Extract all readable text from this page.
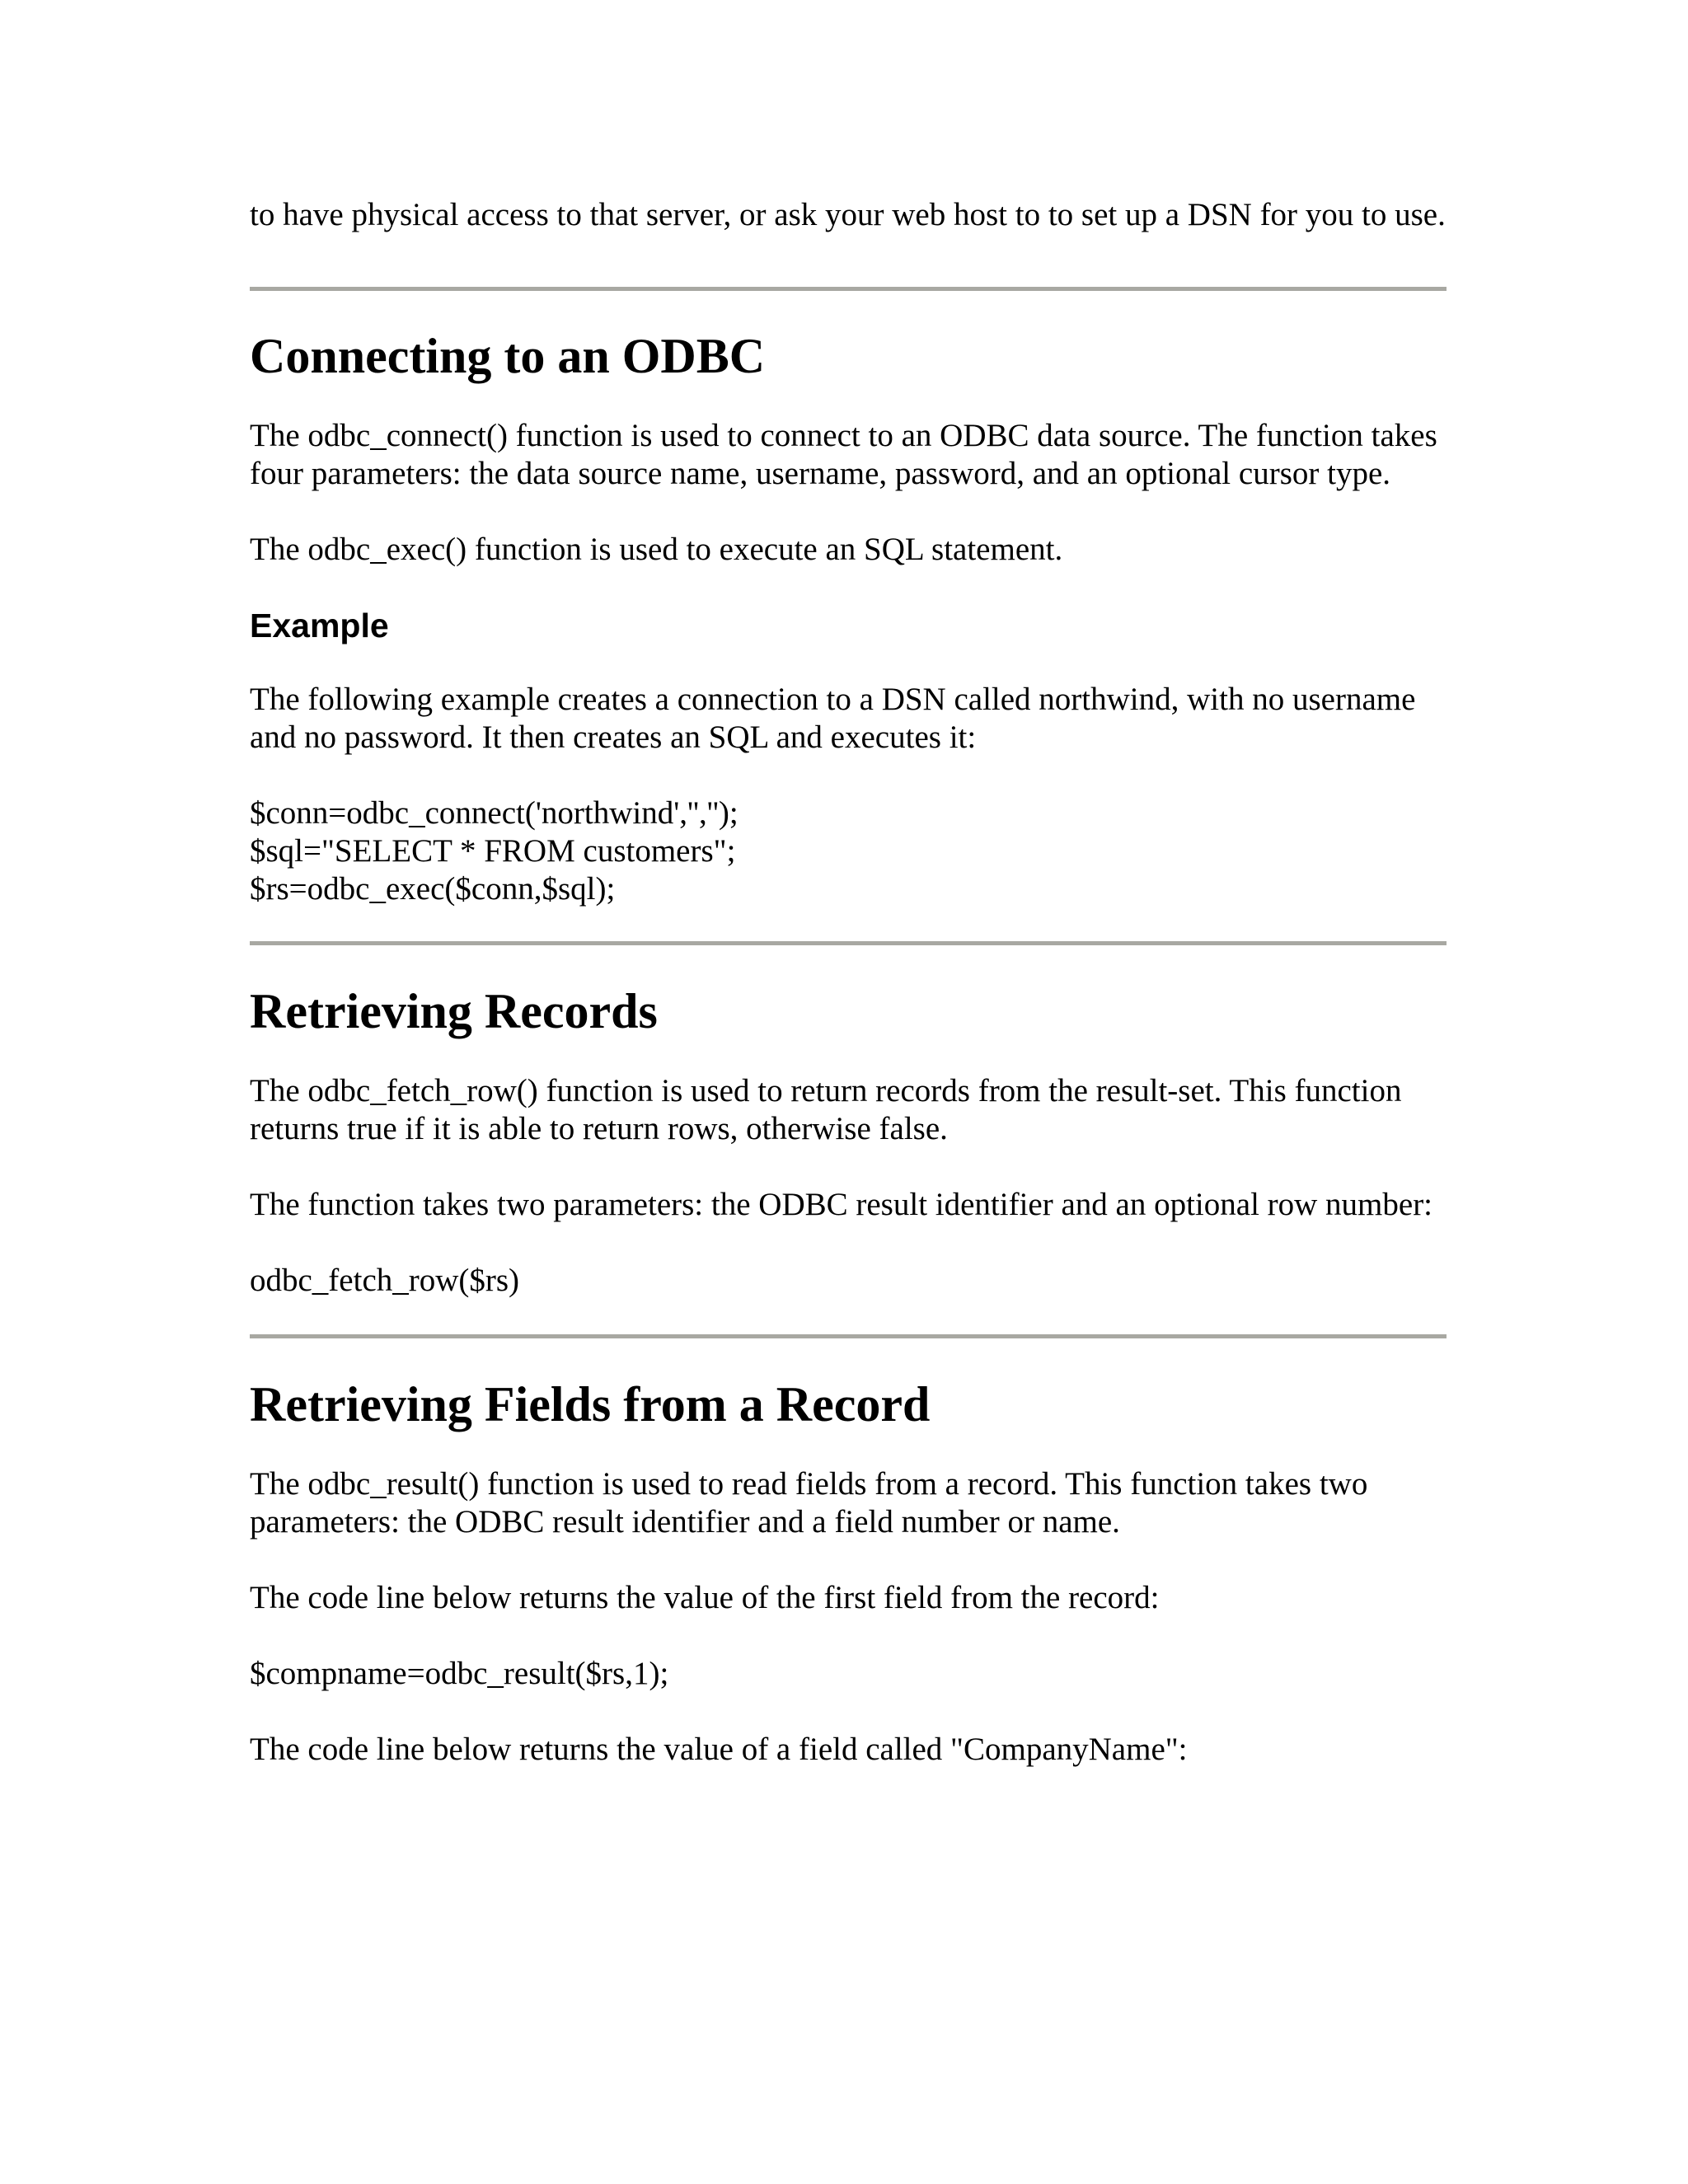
to have physical access to that server, or ask your web host to to set up a DSN for you to use.

Connecting to an ODBC

The odbc_connect() function is used to connect to an ODBC data source. The function takes four parameters: the data source name, username, password, and an optional cursor type.

The odbc_exec() function is used to execute an SQL statement.

Example

The following example creates a connection to a DSN called northwind, with no username and no password. It then creates an SQL and executes it:

$conn=odbc_connect('northwind','','');
$sql="SELECT * FROM customers";
$rs=odbc_exec($conn,$sql);

Retrieving Records

The odbc_fetch_row() function is used to return records from the result-set. This function returns true if it is able to return rows, otherwise false.

The function takes two parameters: the ODBC result identifier and an optional row number:

odbc_fetch_row($rs)

Retrieving Fields from a Record

The odbc_result() function is used to read fields from a record. This function takes two parameters: the ODBC result identifier and a field number or name.

The code line below returns the value of the first field from the record:

$compname=odbc_result($rs,1);

The code line below returns the value of a field called "CompanyName":
